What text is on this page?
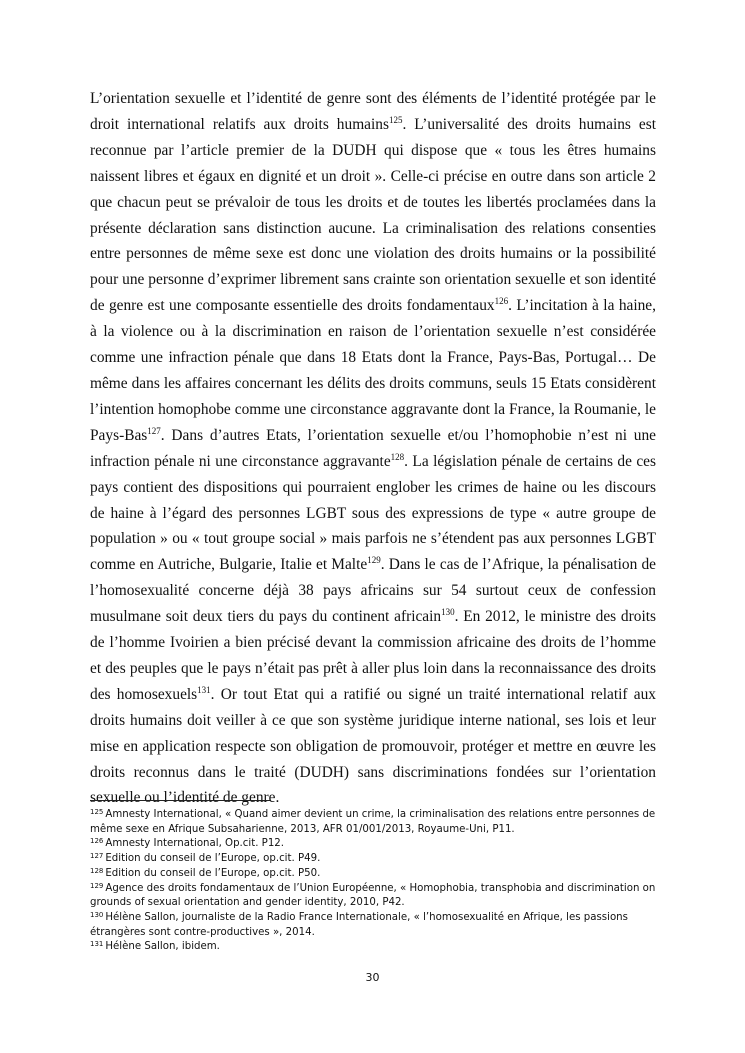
L’orientation sexuelle et l’identité de genre sont des éléments de l’identité protégée par le droit international relatifs aux droits humains$^{125}$. L’universalité des droits humains est reconnue par l’article premier de la DUDH qui dispose que « tous les êtres humains naissent libres et égaux en dignité et un droit ». Celle-ci précise en outre dans son article 2 que chacun peut se prévaloir de tous les droits et de toutes les libertés proclamées dans la présente déclaration sans distinction aucune. La criminalisation des relations consenties entre personnes de même sexe est donc une violation des droits humains or la possibilité pour une personne d’exprimer librement sans crainte son orientation sexuelle et son identité de genre est une composante essentielle des droits fondamentaux$^{126}$. L’incitation à la haine, à la violence ou à la discrimination en raison de l’orientation sexuelle n’est considérée comme une infraction pénale que dans 18 Etats dont la France, Pays-Bas, Portugal… De même dans les affaires concernant les délits des droits communs, seuls 15 Etats considèrent l’intention homophobe comme une circonstance aggravante dont la France, la Roumanie, le Pays-Bas$^{127}$. Dans d’autres Etats, l’orientation sexuelle et/ou l’homophobie n’est ni une infraction pénale ni une circonstance aggravante$^{128}$. La législation pénale de certains de ces pays contient des dispositions qui pourraient englober les crimes de haine ou les discours de haine à l’égard des personnes LGBT sous des expressions de type « autre groupe de population » ou « tout groupe social » mais parfois ne s’étendent pas aux personnes LGBT comme en Autriche, Bulgarie, Italie et Malte$^{129}$. Dans le cas de l’Afrique, la pénalisation de l’homosexualité concerne déjà 38 pays africains sur 54 surtout ceux de confession musulmane soit deux tiers du pays du continent africain$^{130}$. En 2012, le ministre des droits de l’homme Ivoirien a bien précisé devant la commission africaine des droits de l’homme et des peuples que le pays n’était pas prêt à aller plus loin dans la reconnaissance des droits des homosexuels$^{131}$. Or tout Etat qui a ratifié ou signé un traité international relatif aux droits humains doit veiller à ce que son système juridique interne national, ses lois et leur mise en application respecte son obligation de promouvoir, protéger et mettre en œuvre les droits reconnus dans le traité (DUDH) sans discriminations fondées sur l’orientation sexuelle ou l’identité de genre.

$^{125}$ Amnesty International, « Quand aimer devient un crime, la criminalisation des relations entre personnes de même sexe en Afrique Subsaharienne, 2013, AFR 01/001/2013, Royaume-Uni, P11.

$^{126}$ Amnesty International, Op.cit. P12.

$^{127}$ Edition du conseil de l’Europe, op.cit. P49.

$^{128}$ Edition du conseil de l’Europe, op.cit. P50.

$^{129}$ Agence des droits fondamentaux de l’Union Européenne, « Homophobia, transphobia and discrimination on grounds of sexual orientation and gender identity, 2010, P42.

$^{130}$ Hélène Sallon, journaliste de la Radio France Internationale, « l’homosexualité en Afrique, les passions étrangères sont contre-productives », 2014.

$^{131}$ Hélène Sallon, ibidem.

30
